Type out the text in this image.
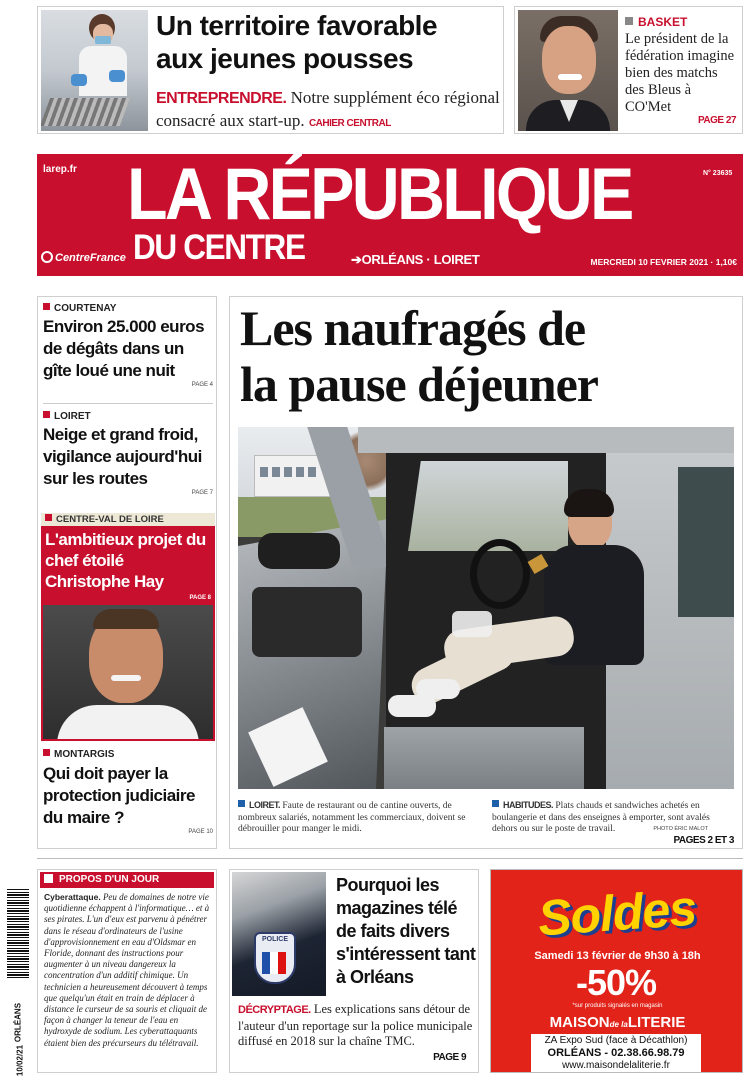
Un territoire favorable aux jeunes pousses
ENTREPRENDRE. Notre supplément éco régional consacré aux start-up. CAHIER CENTRAL
BASKET
Le président de la fédération imagine bien des matchs des Bleus à CO'Met
PAGE 27
larep.fr	N° 23635
LA RÉPUBLIQUE
DU CENTRE
CentreFrance	➔ORLÉANS · LOIRET	MERCREDI 10 FEVRIER 2021 · 1,10€
COURTENAY
Environ 25.000 euros de dégâts dans un gîte loué une nuit
PAGE 4
LOIRET
Neige et grand froid, vigilance aujourd'hui sur les routes
PAGE 7
CENTRE-VAL DE LOIRE
L'ambitieux projet du chef étoilé Christophe Hay
PAGE 8
MONTARGIS
Qui doit payer la protection judiciaire du maire ?
PAGE 10
Les naufragés de
la pause déjeuner
LOIRET. Faute de restaurant ou de cantine ouverts, de nombreux salariés, notamment les commerciaux, doivent se débrouiller pour manger le midi.
HABITUDES. Plats chauds et sandwiches achetés en boulangerie et dans des enseignes à emporter, sont avalés dehors ou sur le poste de travail.	PHOTO ÉRIC MALOT
PAGES 2 ET 3
ORLÉANS
10/02/21
PROPOS D'UN JOUR
Cyberattaque. Peu de domaines de notre vie quotidienne échappent à l'informatique… et à ses pirates. L'un d'eux est parvenu à pénétrer dans le réseau d'ordinateurs de l'usine d'approvisionnement en eau d'Oldsmar en Floride, donnant des instructions pour augmenter à un niveau dangereux la concentration d'un additif chimique. Un technicien a heureusement découvert à temps que quelqu'un était en train de déplacer à distance le curseur de sa souris et cliquait de façon à changer la teneur de l'eau en hydroxyde de sodium. Les cyberattaquants étaient bien des précurseurs du télétravail.
POLICE
Pourquoi les magazines télé de faits divers s'intéressent tant à Orléans
DÉCRYPTAGE. Les explications sans détour de l'auteur d'un reportage sur la police municipale diffusé en 2018 sur la chaîne TMC.
PAGE 9
Soldes
Samedi 13 février de 9h30 à 18h
-50%
*sur produits signalés en magasin
MAISONde laLITERIE
ZA Expo Sud (face à Décathlon)
ORLÉANS - 02.38.66.98.79
www.maisondelaliterie.fr
